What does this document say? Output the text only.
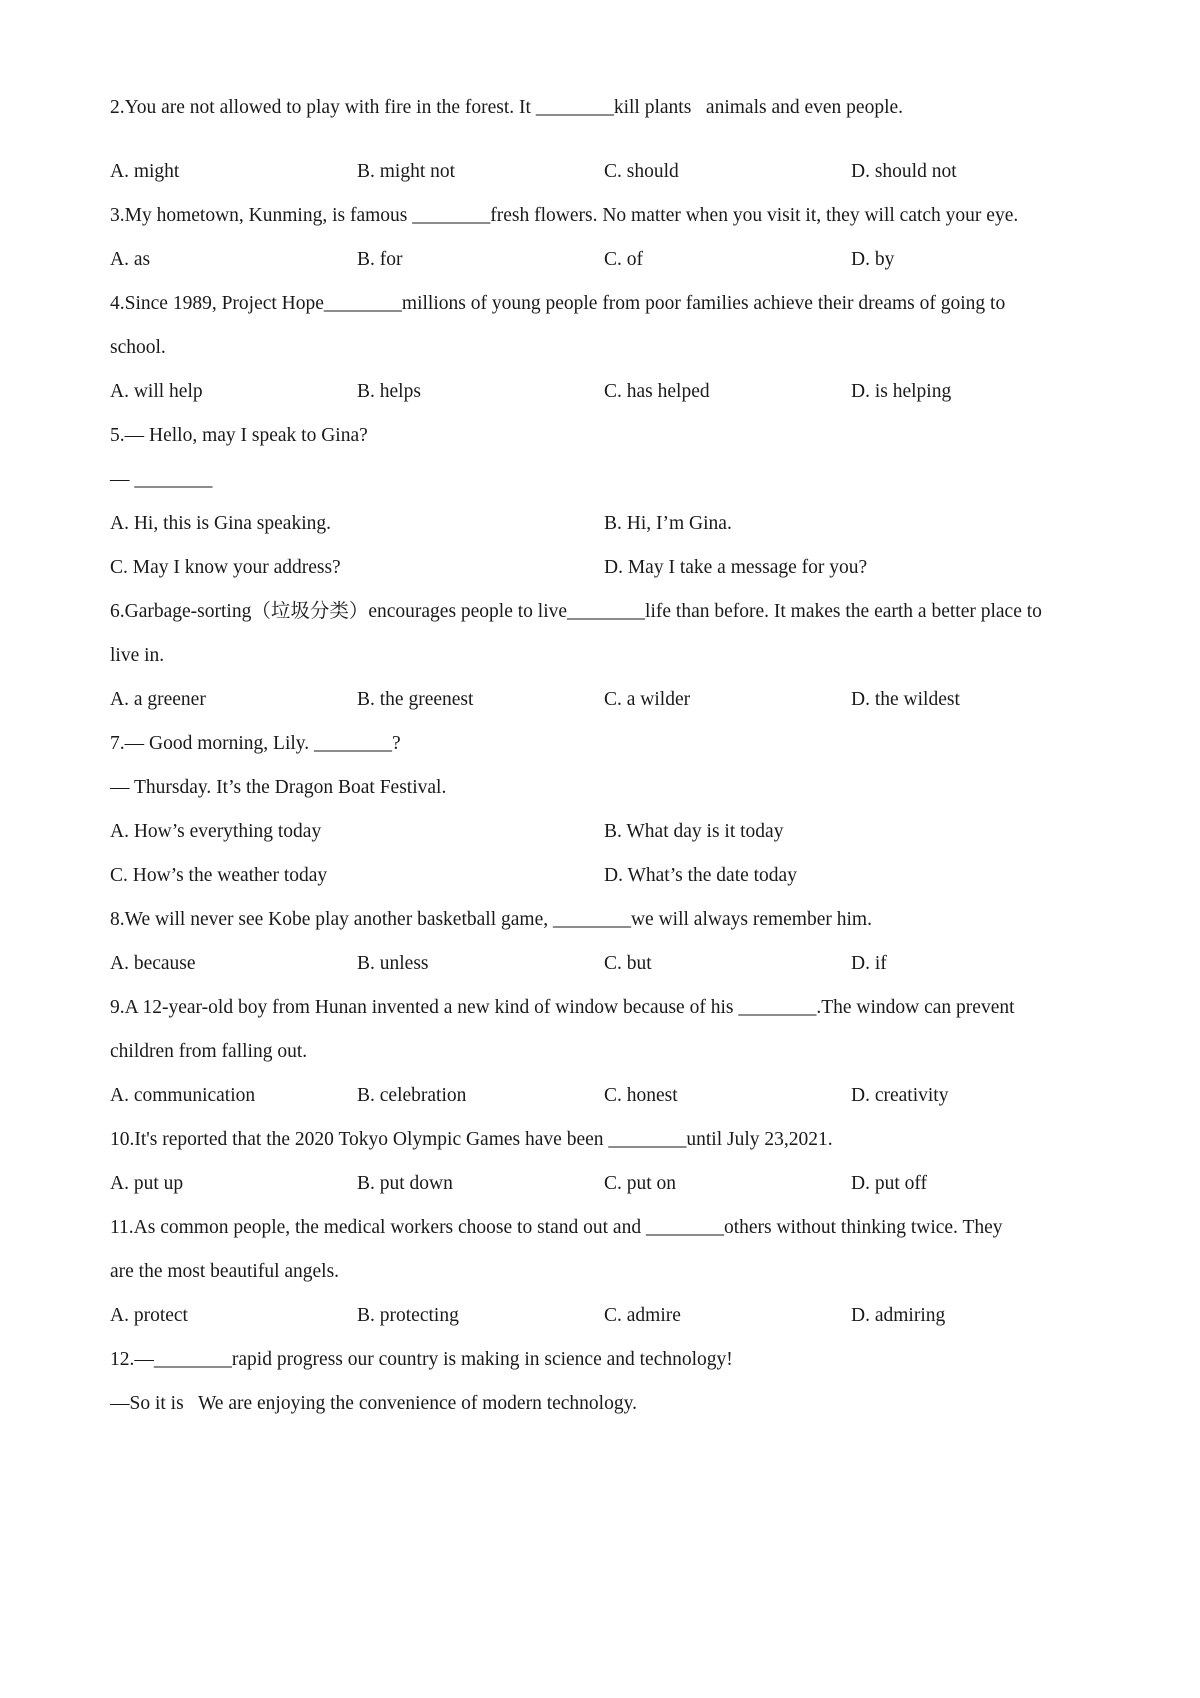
2.You are not allowed to play with fire in the forest. It ________kill plants   animals and even people.
A. might	B. might not	C. should	D. should not
3.My hometown, Kunming, is famous ________fresh flowers. No matter when you visit it, they will catch your eye.
A. as	B. for	C. of	D. by
4.Since 1989, Project Hope________millions of young people from poor families achieve their dreams of going to
school.
A. will help	B. helps	C. has helped	D. is helping
5.— Hello, may I speak to Gina?
— ________
A. Hi, this is Gina speaking.	B. Hi, I’m Gina.
C. May I know your address?	D. May I take a message for you?
6.Garbage-sorting（垃圾分类）encourages people to live________life than before. It makes the earth a better place to
live in.
A. a greener	B. the greenest	C. a wilder	D. the wildest
7.— Good morning, Lily. ________?
— Thursday. It’s the Dragon Boat Festival.
A. How’s everything today	B. What day is it today
C. How’s the weather today	D. What’s the date today
8.We will never see Kobe play another basketball game, ________we will always remember him.
A. because	B. unless	C. but	D. if
9.A 12-year-old boy from Hunan invented a new kind of window because of his ________.The window can prevent
children from falling out.
A. communication	B. celebration	C. honest	D. creativity
10.It's reported that the 2020 Tokyo Olympic Games have been ________until July 23,2021.
A. put up	B. put down	C. put on	D. put off
11.As common people, the medical workers choose to stand out and ________others without thinking twice. They
are the most beautiful angels.
A. protect	B. protecting	C. admire	D. admiring
12.—________rapid progress our country is making in science and technology!
—So it is   We are enjoying the convenience of modern technology.
